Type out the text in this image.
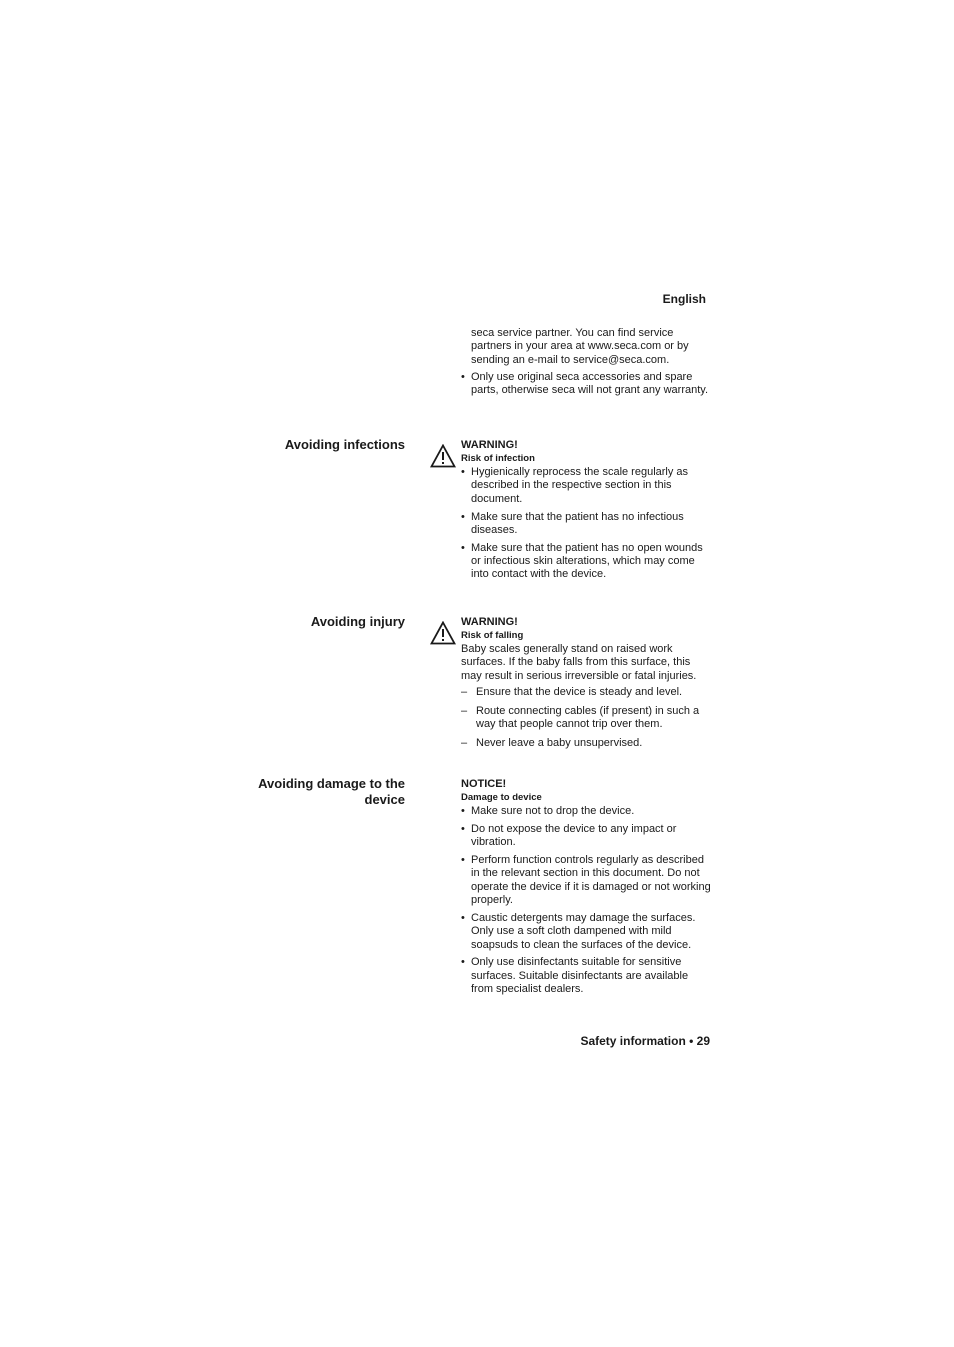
English

seca service partner. You can find service partners in your area at www.seca.com or by sending an e-mail to service@seca.com.

• Only use original seca accessories and spare parts, otherwise seca will not grant any warranty.
Avoiding infections	WARNING!
Risk of infection
• Hygienically reprocess the scale regularly as described in the respective section in this document.
• Make sure that the patient has no infectious diseases.
• Make sure that the patient has no open wounds or infectious skin alterations, which may come into contact with the device.
Avoiding injury	WARNING!
Risk of falling

Baby scales generally stand on raised work surfaces. If the baby falls from this surface, this may result in serious irreversible or fatal injuries.

– Ensure that the device is steady and level.
– Route connecting cables (if present) in such a way that people cannot trip over them.
– Never leave a baby unsupervised.
Avoiding damage to the
device
NOTICE!
Damage to device
• Make sure not to drop the device.
• Do not expose the device to any impact or vibration.
• Perform function controls regularly as described in the relevant section in this document. Do not operate the device if it is damaged or not working properly.
• Caustic detergents may damage the surfaces. Only use a soft cloth dampened with mild soapsuds to clean the surfaces of the device.
• Only use disinfectants suitable for sensitive surfaces. Suitable disinfectants are available from specialist dealers.
Safety information • 29
